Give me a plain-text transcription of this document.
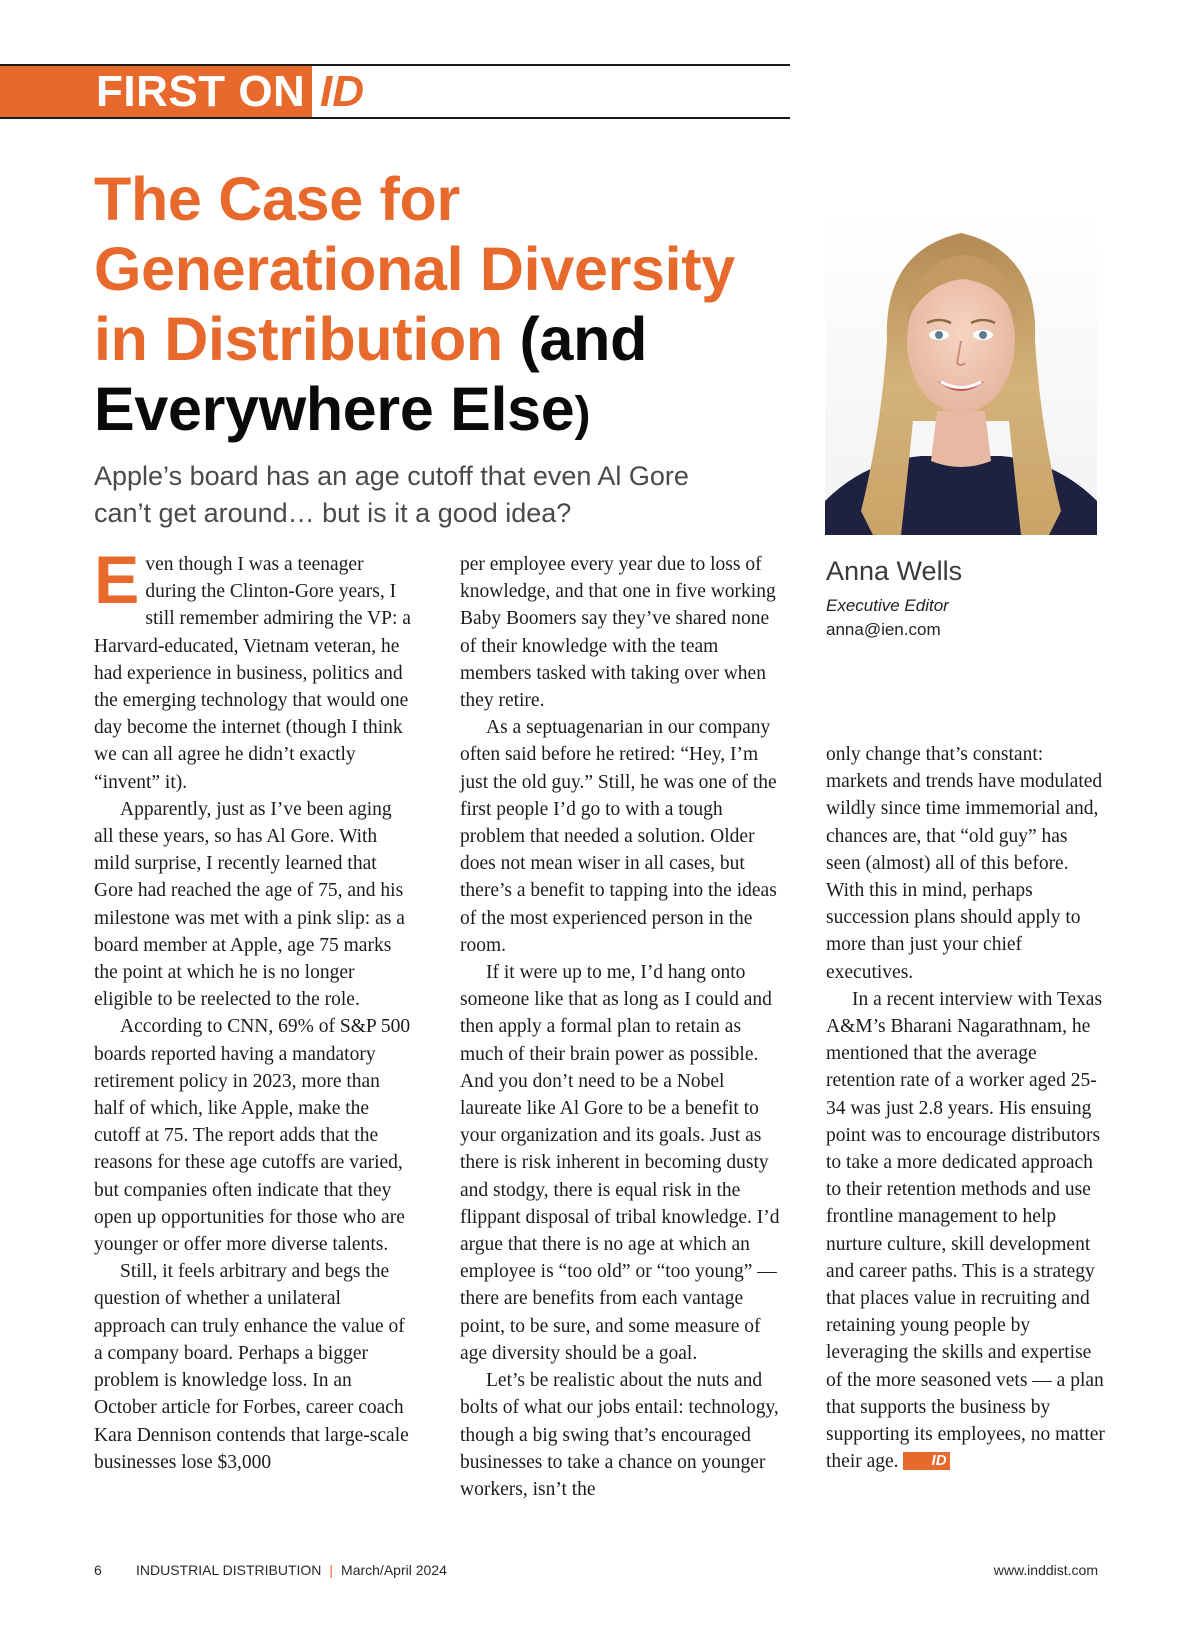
FIRST ON ID
The Case for
Generational Diversity
in Distribution (and
Everywhere Else)
Apple’s board has an age cutoff that even Al Gore
can’t get around… but is it a good idea?
Anna Wells
Executive Editor
anna@ien.com

Even though I was a teenager during the Clinton-Gore years, I still remember admiring the VP: a Harvard-educated, Vietnam veteran, he had experience in business, politics and the emerging technology that would one day become the internet (though I think we can all agree he didn’t exactly “invent” it).

Apparently, just as I’ve been aging all these years, so has Al Gore. With mild surprise, I recently learned that Gore had reached the age of 75, and his milestone was met with a pink slip: as a board member at Apple, age 75 marks the point at which he is no longer eligible to be reelected to the role.

According to CNN, 69% of S&P 500 boards reported having a mandatory retirement policy in 2023, more than half of which, like Apple, make the cutoff at 75. The report adds that the reasons for these age cutoffs are varied, but companies often indicate that they open up opportunities for those who are younger or offer more diverse talents.

Still, it feels arbitrary and begs the question of whether a unilateral approach can truly enhance the value of a company board. Perhaps a bigger problem is knowledge loss. In an October article for Forbes, career coach Kara Dennison contends that large-scale businesses lose $3,000

per employee every year due to loss of knowledge, and that one in five working Baby Boomers say they’ve shared none of their knowledge with the team members tasked with taking over when they retire.

As a septuagenarian in our company often said before he retired: “Hey, I’m just the old guy.” Still, he was one of the first people I’d go to with a tough problem that needed a solution. Older does not mean wiser in all cases, but there’s a benefit to tapping into the ideas of the most experienced person in the room.

If it were up to me, I’d hang onto someone like that as long as I could and then apply a formal plan to retain as much of their brain power as possible. And you don’t need to be a Nobel laureate like Al Gore to be a benefit to your organization and its goals. Just as there is risk inherent in becoming dusty and stodgy, there is equal risk in the flippant disposal of tribal knowledge. I’d argue that there is no age at which an employee is “too old” or “too young” — there are benefits from each vantage point, to be sure, and some measure of age diversity should be a goal.

Let’s be realistic about the nuts and bolts of what our jobs entail: technology, though a big swing that’s encouraged businesses to take a chance on younger workers, isn’t the

only change that’s constant: markets and trends have modulated wildly since time immemorial and, chances are, that “old guy” has seen (almost) all of this before. With this in mind, perhaps succession plans should apply to more than just your chief executives.

In a recent interview with Texas A&M’s Bharani Nagarathnam, he mentioned that the average retention rate of a worker aged 25-34 was just 2.8 years. His ensuing point was to encourage distributors to take a more dedicated approach to their retention methods and use frontline management to help nurture culture, skill development and career paths. This is a strategy that places value in recruiting and retaining young people by leveraging the skills and expertise of the more seasoned vets — a plan that supports the business by supporting its employees, no matter their age. ID

6 INDUSTRIAL DISTRIBUTION | March/April 2024	www.inddist.com
